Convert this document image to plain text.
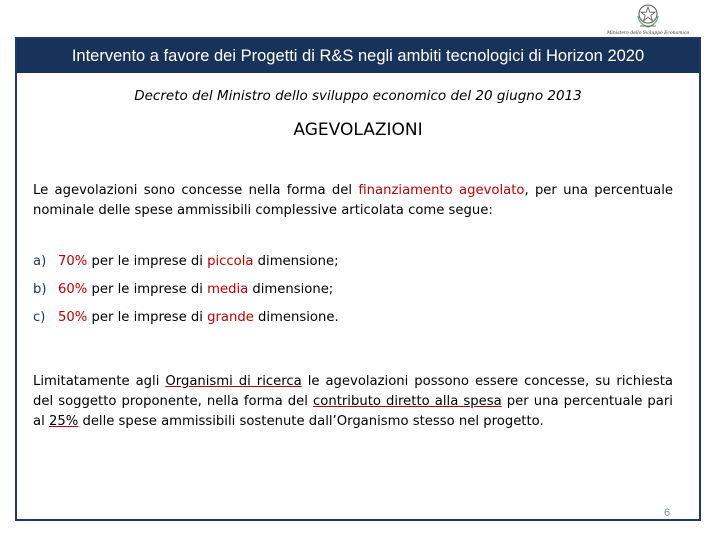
Ministero dello Sviluppo Economico
Intervento a favore dei Progetti di R&S negli ambiti tecnologici di Horizon 2020
Decreto del Ministro dello sviluppo economico del 20 giugno 2013
AGEVOLAZIONI
Le agevolazioni sono concesse nella forma del finanziamento agevolato, per una percentuale nominale delle spese ammissibili complessive articolata come segue:
a) 70% per le imprese di piccola dimensione;
b) 60% per le imprese di media dimensione;
c) 50% per le imprese di grande dimensione.
Limitatamente agli Organismi di ricerca le agevolazioni possono essere concesse, su richiesta del soggetto proponente, nella forma del contributo diretto alla spesa per una percentuale pari al 25% delle spese ammissibili sostenute dall’Organismo stesso nel progetto.
6
